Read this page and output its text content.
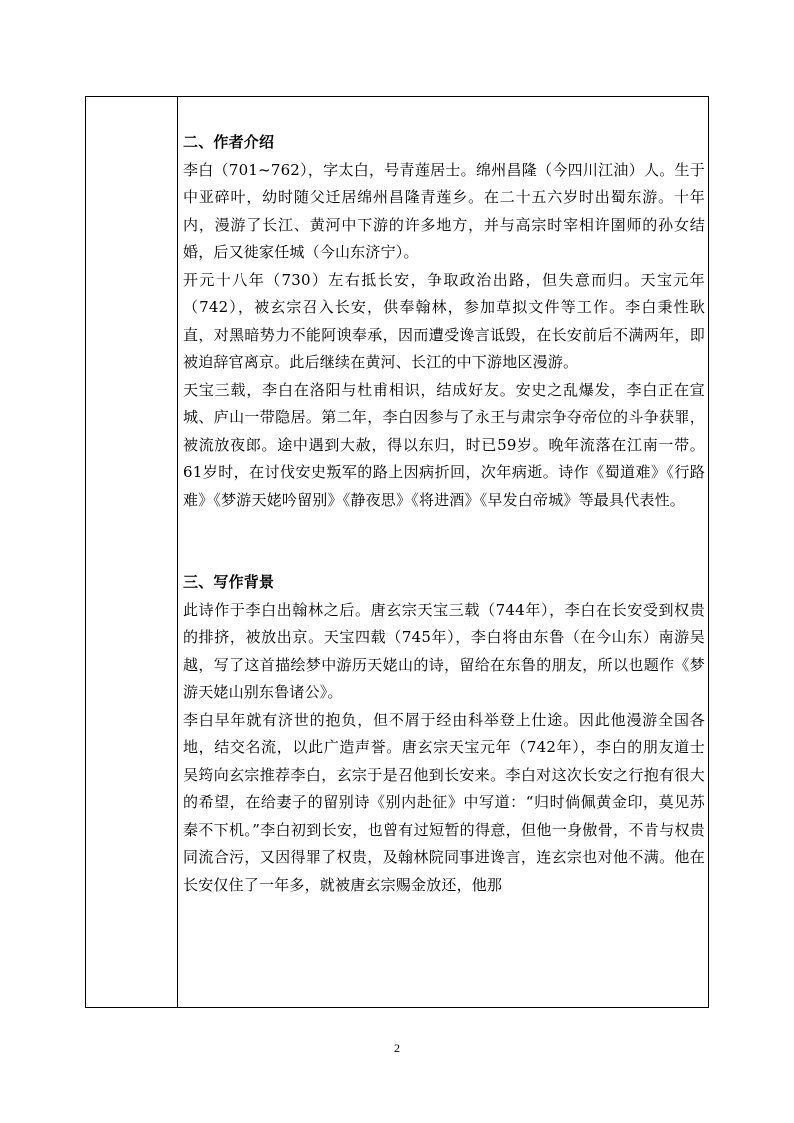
二、作者介绍

李白（701~762），字太白，号青莲居士。绵州昌隆（今四川江油）人。生于中亚碎叶，幼时随父迁居绵州昌隆青莲乡。在二十五六岁时出蜀东游。十年内，漫游了长江、黄河中下游的许多地方，并与高宗时宰相许圉师的孙女结婚，后又徙家任城（今山东济宁）。

开元十八年（730）左右抵长安，争取政治出路，但失意而归。天宝元年（742），被玄宗召入长安，供奉翰林，参加草拟文件等工作。李白秉性耿直，对黑暗势力不能阿谀奉承，因而遭受谗言诋毁，在长安前后不满两年，即被迫辞官离京。此后继续在黄河、长江的中下游地区漫游。

天宝三载，李白在洛阳与杜甫相识，结成好友。安史之乱爆发，李白正在宣城、庐山一带隐居。第二年，李白因参与了永王与肃宗争夺帝位的斗争获罪，被流放夜郎。途中遇到大赦，得以东归，时已59岁。晚年流落在江南一带。61岁时，在讨伐安史叛军的路上因病折回，次年病逝。诗作《蜀道难》《行路难》《梦游天姥吟留别》《静夜思》《将进酒》《早发白帝城》等最具代表性。

三、写作背景

此诗作于李白出翰林之后。唐玄宗天宝三载（744年），李白在长安受到权贵的排挤，被放出京。天宝四载（745年），李白将由东鲁（在今山东）南游吴越，写了这首描绘梦中游历天姥山的诗，留给在东鲁的朋友，所以也题作《梦游天姥山别东鲁诸公》。

李白早年就有济世的抱负，但不屑于经由科举登上仕途。因此他漫游全国各地，结交名流，以此广造声誉。唐玄宗天宝元年（742年），李白的朋友道士吴筠向玄宗推荐李白，玄宗于是召他到长安来。李白对这次长安之行抱有很大的希望，在给妻子的留别诗《别内赴征》中写道：“归时倘佩黄金印，莫见苏秦不下机。”李白初到长安，也曾有过短暂的得意，但他一身傲骨，不肯与权贵同流合污，又因得罪了权贵，及翰林院同事进谗言，连玄宗也对他不满。他在长安仅住了一年多，就被唐玄宗赐金放还，他那

2
